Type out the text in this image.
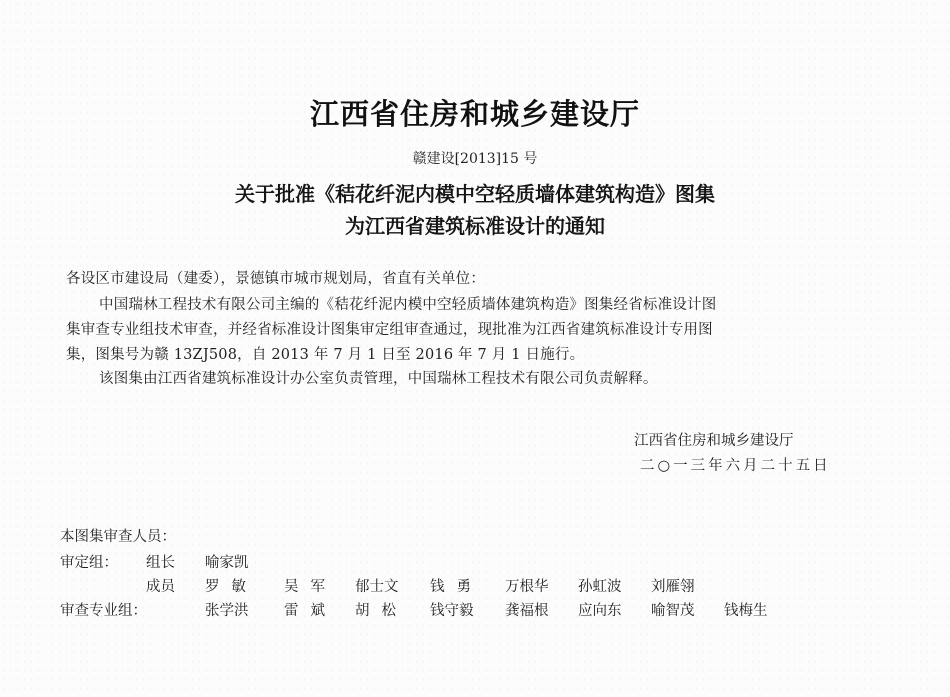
江西省住房和城乡建设厅
赣建设[2013]15 号
关于批准《秸花纤泥内模中空轻质墙体建筑构造》图集
为江西省建筑标准设计的通知
各设区市建设局（建委），景德镇市城市规划局，省直有关单位：
中国瑞林工程技术有限公司主编的《秸花纤泥内模中空轻质墙体建筑构造》图集经省标准设计图
集审查专业组技术审查，并经省标准设计图集审定组审查通过，现批准为江西省建筑标准设计专用图
集，图集号为赣 13ZJ508，自 2013 年 7 月 1 日至 2016 年 7 月 1 日施行。
该图集由江西省建筑标准设计办公室负责管理，中国瑞林工程技术有限公司负责解释。
江西省住房和城乡建设厅
二○一三年六月二十五日
本图集审查人员：
审定组： 组长 喻家凯
成员 罗敏 吴军 郁士文 钱勇 万根华 孙虹波 刘雁翎
审查专业组：	张学洪 雷斌 胡松 钱守毅 龚福根 应向东 喻智茂 钱梅生
